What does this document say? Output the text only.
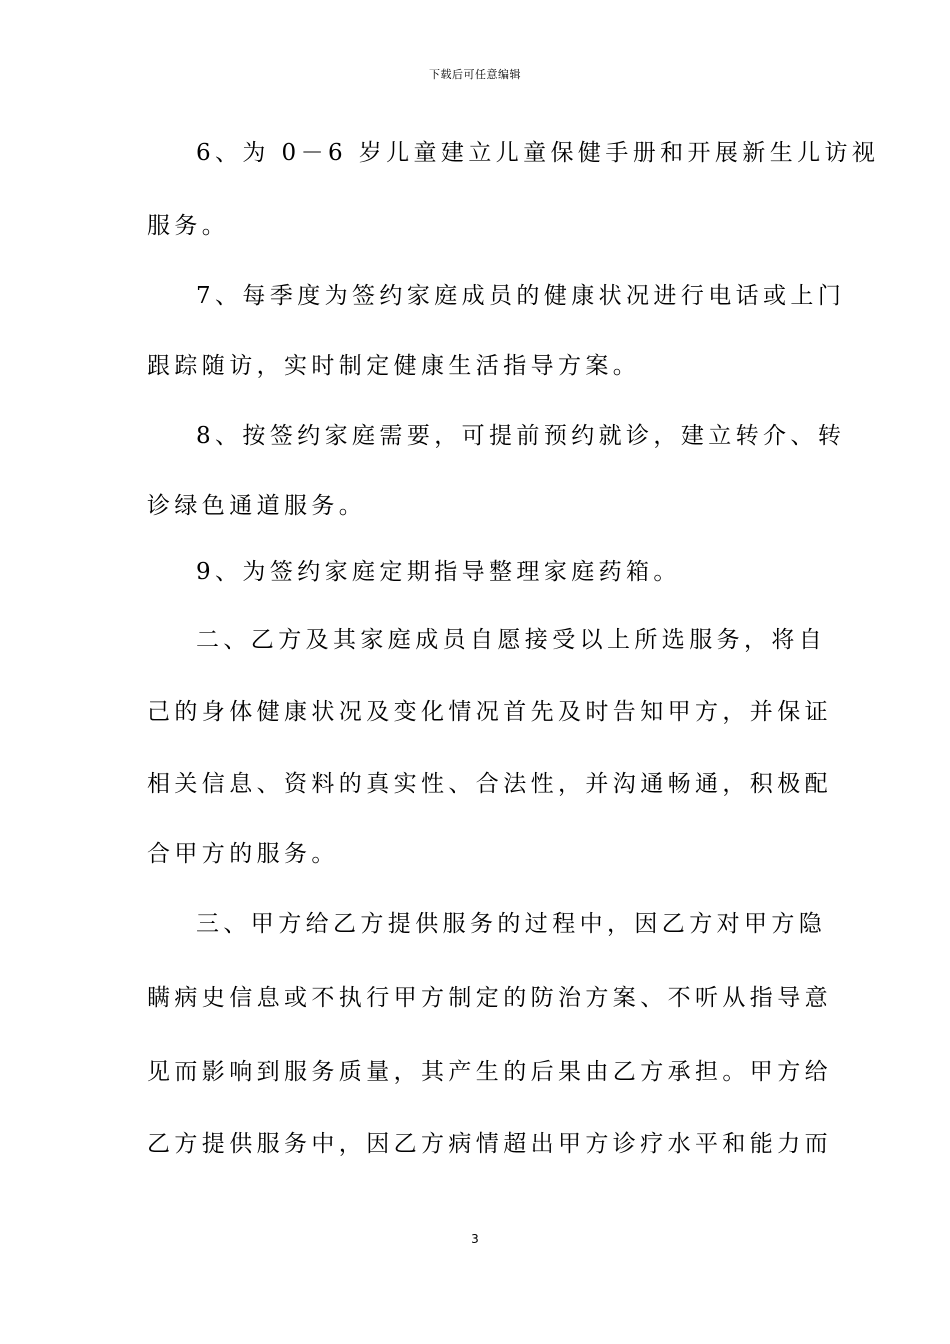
下载后可任意编辑
6、为 0－6 岁儿童建立儿童保健手册和开展新生儿访视
服务。
7、每季度为签约家庭成员的健康状况进行电话或上门
跟踪随访，实时制定健康生活指导方案。
8、按签约家庭需要，可提前预约就诊，建立转介、转
诊绿色通道服务。
9、为签约家庭定期指导整理家庭药箱。
二、乙方及其家庭成员自愿接受以上所选服务，将自
己的身体健康状况及变化情况首先及时告知甲方，并保证
相关信息、资料的真实性、合法性，并沟通畅通，积极配
合甲方的服务。
三、甲方给乙方提供服务的过程中，因乙方对甲方隐
瞒病史信息或不执行甲方制定的防治方案、不听从指导意
见而影响到服务质量，其产生的后果由乙方承担。甲方给
乙方提供服务中，因乙方病情超出甲方诊疗水平和能力而
3
